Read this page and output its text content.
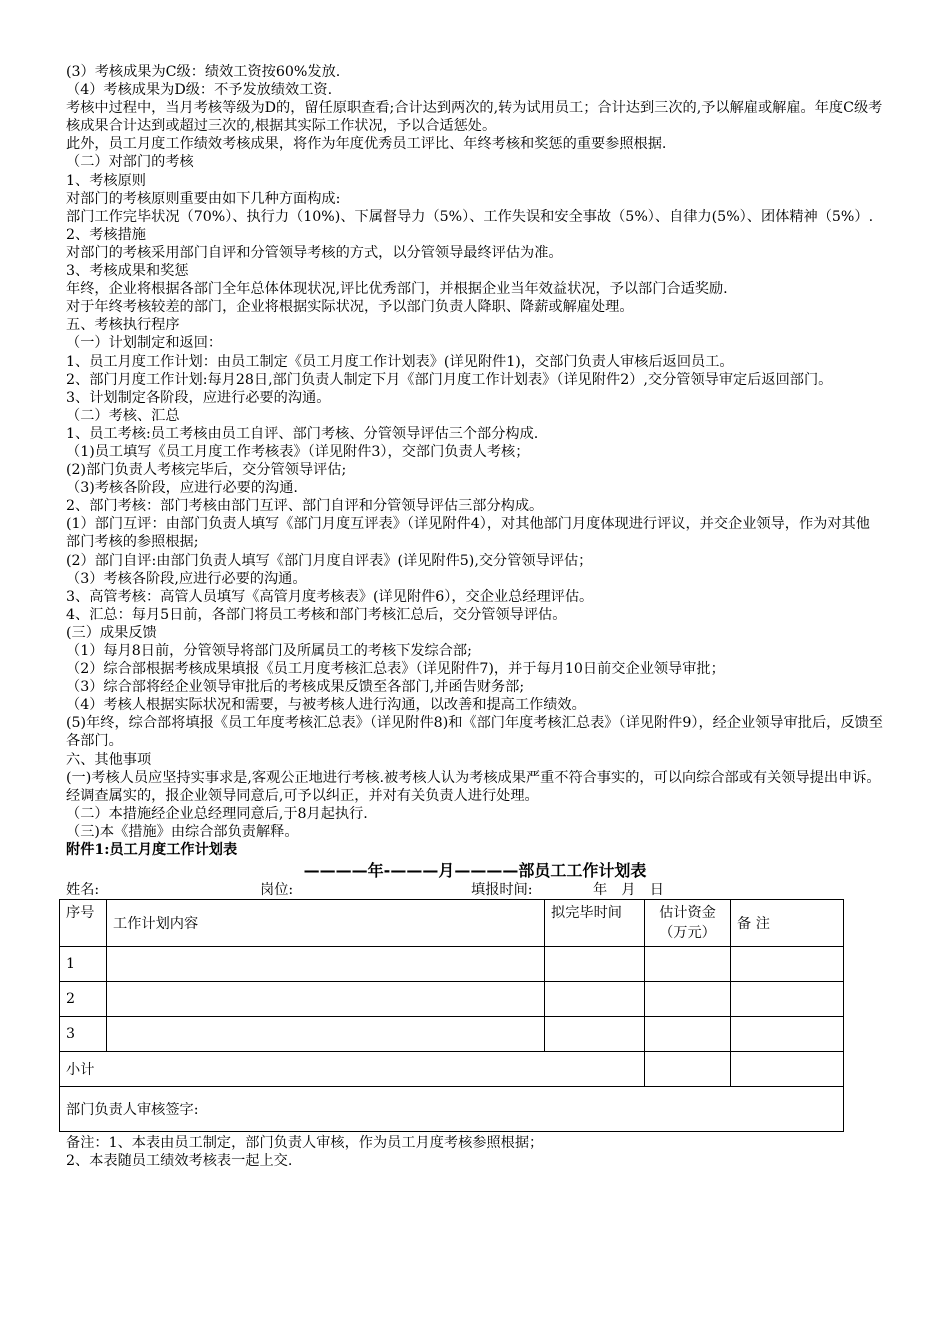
(3）考核成果为C级：绩效工资按60%发放.
（4）考核成果为D级：不予发放绩效工资.
考核中过程中，当月考核等级为D的，留任原职查看;合计达到两次的,转为试用员工；合计达到三次的,予以解雇或解雇。年度C级考核成果合计达到或超过三次的,根据其实际工作状况，予以合适惩处。
此外，员工月度工作绩效考核成果，将作为年度优秀员工评比、年终考核和奖惩的重要参照根据.
（二）对部门的考核
1、考核原则
对部门的考核原则重要由如下几种方面构成:
部门工作完毕状况（70%）、执行力（10%)、下属督导力（5%）、工作失误和安全事故（5%）、自律力(5%）、团体精神（5%）.
2、考核措施
对部门的考核采用部门自评和分管领导考核的方式，以分管领导最终评估为准。
3、考核成果和奖惩
年终，企业将根据各部门全年总体体现状况,评比优秀部门，并根据企业当年效益状况，予以部门合适奖励.
对于年终考核较差的部门，企业将根据实际状况，予以部门负责人降职、降薪或解雇处理。
五、考核执行程序
（一）计划制定和返回：
1、员工月度工作计划：由员工制定《员工月度工作计划表》(详见附件1)，交部门负责人审核后返回员工。
2、部门月度工作计划:每月28日,部门负责人制定下月《部门月度工作计划表》（详见附件2）,交分管领导审定后返回部门。
3、计划制定各阶段，应进行必要的沟通。
（二）考核、汇总
1、员工考核:员工考核由员工自评、部门考核、分管领导评估三个部分构成.
（1)员工填写《员工月度工作考核表》（详见附件3），交部门负责人考核；
(2)部门负责人考核完毕后，交分管领导评估;
（3)考核各阶段，应进行必要的沟通.
2、部门考核：部门考核由部门互评、部门自评和分管领导评估三部分构成。
(1）部门互评：由部门负责人填写《部门月度互评表》（详见附件4），对其他部门月度体现进行评议，并交企业领导，作为对其他部门考核的参照根据;
(2）部门自评:由部门负责人填写《部门月度自评表》(详见附件5),交分管领导评估；
（3）考核各阶段,应进行必要的沟通。
3、高管考核：高管人员填写《高管月度考核表》(详见附件6），交企业总经理评估。
4、汇总：每月5日前，各部门将员工考核和部门考核汇总后，交分管领导评估。
(三）成果反馈
（1）每月8日前，分管领导将部门及所属员工的考核下发综合部;
（2）综合部根据考核成果填报《员工月度考核汇总表》（详见附件7)，并于每月10日前交企业领导审批；
（3）综合部将经企业领导审批后的考核成果反馈至各部门,并函告财务部;
（4）考核人根据实际状况和需要，与被考核人进行沟通，以改善和提高工作绩效。
(5)年终，综合部将填报《员工年度考核汇总表》（详见附件8)和《部门年度考核汇总表》（详见附件9），经企业领导审批后，反馈至各部门。
六、其他事项
(一)考核人员应坚持实事求是,客观公正地进行考核.被考核人认为考核成果严重不符合事实的，可以向综合部或有关领导提出申诉。经调查属实的，报企业领导同意后,可予以纠正，并对有关负责人进行处理。
（二）本措施经企业总经理同意后,于8月起执行.
（三)本《措施》由综合部负责解释。
附件1:员工月度工作计划表
————年-———月————部员工工作计划表
姓名:	岗位:	填报时间:	年　月　日
序号	工作计划内容	拟完毕时间	估计资金（万元）	备 注
1				
2				
3				
小计				
部门负责人审核签字:				
备注：1、本表由员工制定，部门负责人审核，作为员工月度考核参照根据；
2、本表随员工绩效考核表一起上交.
